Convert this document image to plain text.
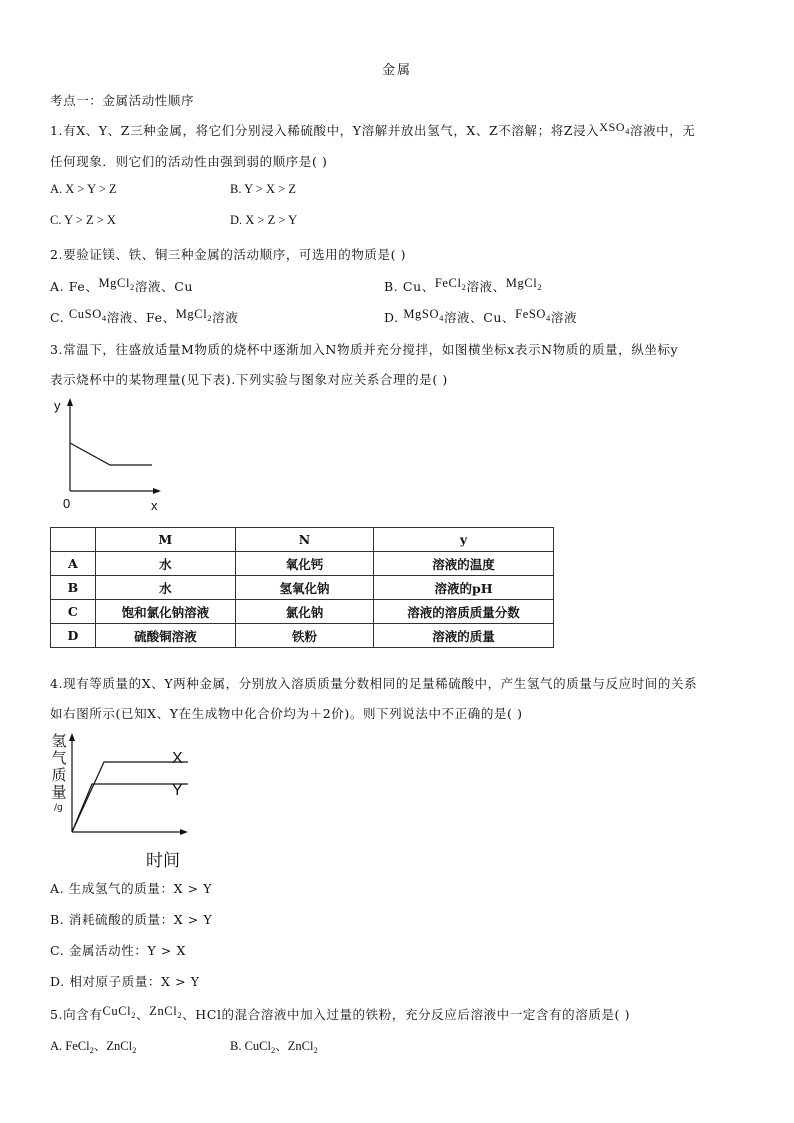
金属
考点一：金属活动性顺序
1.有X、Y、Z三种金属，将它们分别浸入稀硫酸中，Y溶解并放出氢气，X、Z不溶解；将Z浸入$^{XSO_4}$溶液中，无
任何现象．则它们的活动性由强到弱的顺序是( )
A. X > Y > Z	B. Y > X > Z
C. Y > Z > X	D. X > Z > Y
2.要验证镁、铁、铜三种金属的活动顺序，可选用的物质是( )
A. Fe、MgCl$_2$溶液、Cu	B. Cu、FeCl$_2$溶液、MgCl$_2$
C. CuSO$_4$溶液、Fe、MgCl$_2$溶液	D. MgSO$_4$溶液、Cu、FeSO$_4$溶液
3.常温下，往盛放适量M物质的烧杯中逐渐加入N物质并充分搅拌，如图横坐标x表示N物质的质量，纵坐标y
表示烧杯中的某物理量(见下表).下列实验与图象对应关系合理的是( )
y
0	x
	M	N	y
A	水	氧化钙	溶液的温度
B	水	氢氧化钠	溶液的pH
C	饱和氯化钠溶液	氯化钠	溶液的溶质质量分数
D	硫酸铜溶液	铁粉	溶液的质量
4.现有等质量的X、Y两种金属，分别放入溶质质量分数相同的足量稀硫酸中，产生氢气的质量与反应时间的关系
如右图所示(已知X、Y在生成物中化合价均为＋2价)。则下列说法中不正确的是( )
氢
气
质
量
/g
X
Y
时间
A. 生成氢气的质量：X > Y
B. 消耗硫酸的质量：X > Y
C. 金属活动性：Y > X
D. 相对原子质量：X > Y
5.向含有CuCl$_2$、ZnCl$_2$、HCl的混合溶液中加入过量的铁粉，充分反应后溶液中一定含有的溶质是( )
A. FeCl$_2$、ZnCl$_2$	B. CuCl$_2$、ZnCl$_2$
